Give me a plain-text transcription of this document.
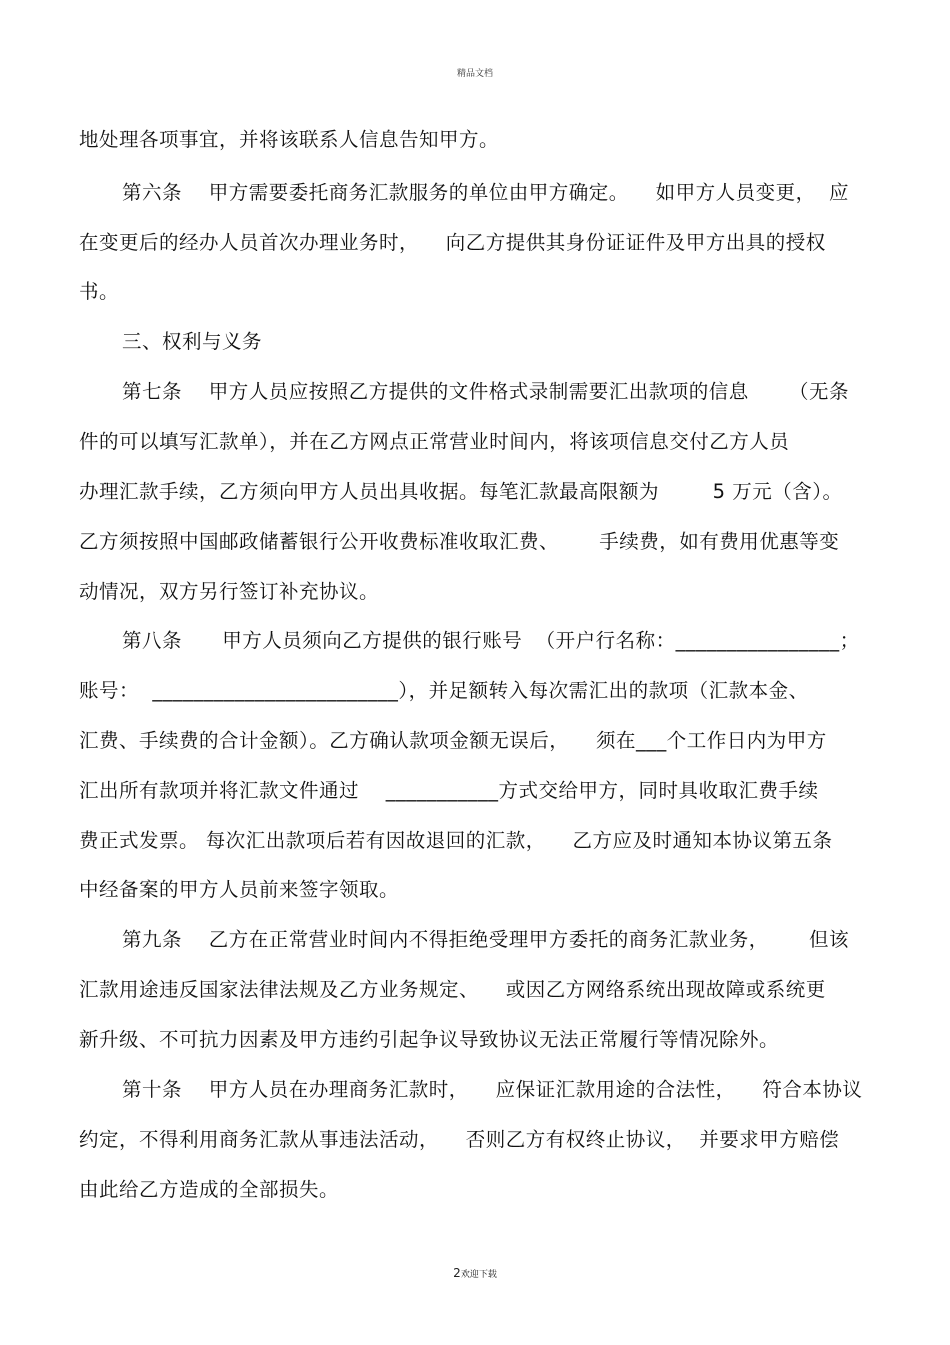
精品文档
地处理各项事宜，并将该联系人信息告知甲方。
第六条    甲方需要委托商务汇款服务的单位由甲方确定。    如甲方人员变更，  应
在变更后的经办人员首次办理业务时，    向乙方提供其身份证证件及甲方出具的授权
书。
三、权利与义务
第七条    甲方人员应按照乙方提供的文件格式录制需要汇出款项的信息      （无条
件的可以填写汇款单），并在乙方网点正常营业时间内，将该项信息交付乙方人员
办理汇款手续，乙方须向甲方人员出具收据。每笔汇款最高限额为        5 万元（含）。
乙方须按照中国邮政储蓄银行公开收费标准收取汇费、      手续费，如有费用优惠等变
动情况，双方另行签订补充协议。
第八条      甲方人员须向乙方提供的银行账号  （开户行名称：________________；
账号：  ________________________），并足额转入每次需汇出的款项（汇款本金、
汇费、手续费的合计金额）。乙方确认款项金额无误后，    须在___个工作日内为甲方
汇出所有款项并将汇款文件通过    ___________方式交给甲方，同时具收取汇费手续
费正式发票。 每次汇出款项后若有因故退回的汇款，    乙方应及时通知本协议第五条
中经备案的甲方人员前来签字领取。
第九条    乙方在正常营业时间内不得拒绝受理甲方委托的商务汇款业务，      但该
汇款用途违反国家法律法规及乙方业务规定、    或因乙方网络系统出现故障或系统更
新升级、不可抗力因素及甲方违约引起争议导致协议无法正常履行等情况除外。
第十条    甲方人员在办理商务汇款时，    应保证汇款用途的合法性，    符合本协议
约定，不得利用商务汇款从事违法活动，    否则乙方有权终止协议，  并要求甲方赔偿
由此给乙方造成的全部损失。
2欢迎下载
